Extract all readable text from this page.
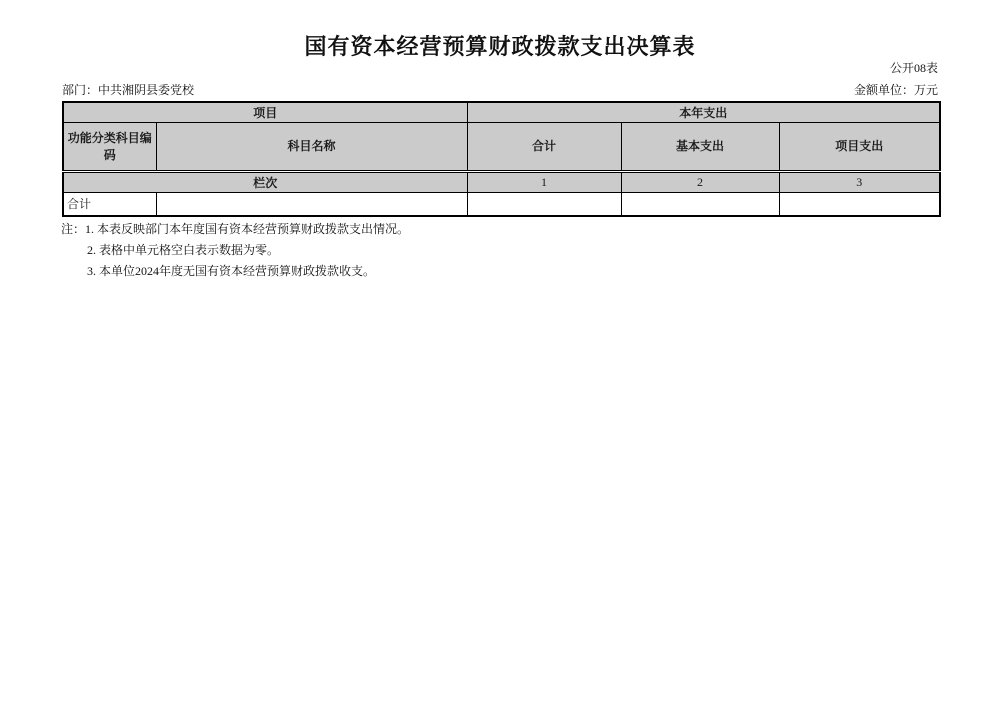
国有资本经营预算财政拨款支出决算表
公开08表
部门：中共湘阴县委党校	金额单位：万元
项目		本年支出		
功能分类科目编码	科目名称	合计	基本支出	项目支出
栏次		1	2	3
合计				
注：1. 本表反映部门本年度国有资本经营预算财政拨款支出情况。
2. 表格中单元格空白表示数据为零。
3. 本单位2024年度无国有资本经营预算财政拨款收支。
